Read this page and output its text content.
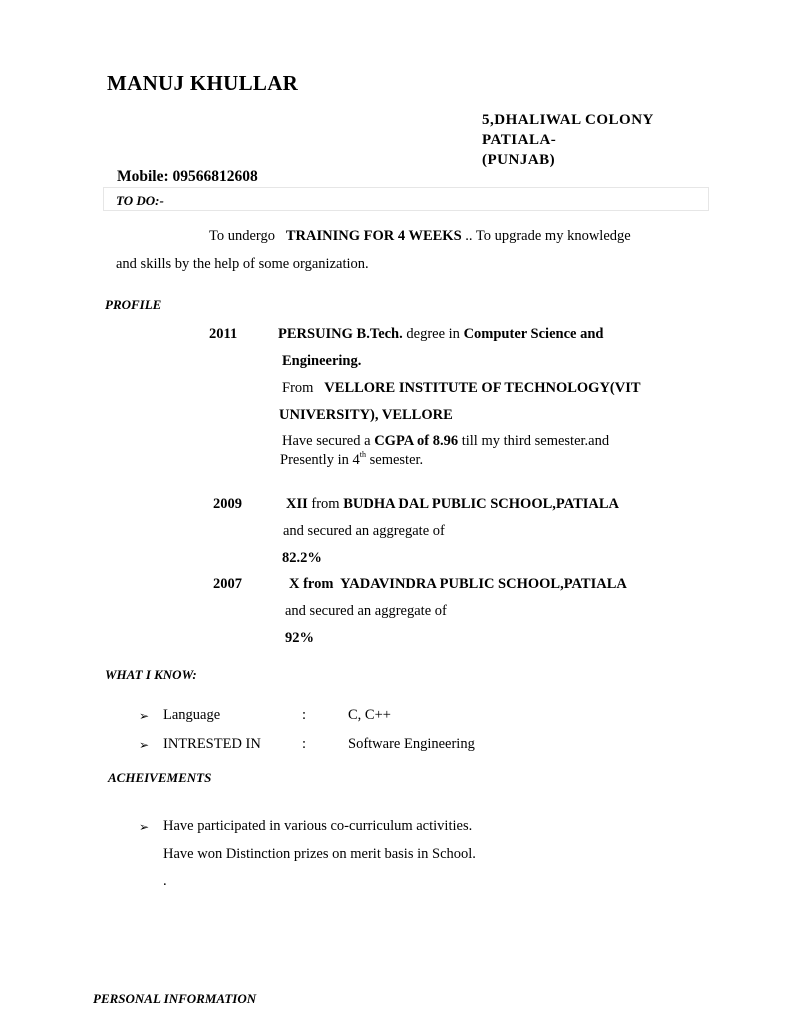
MANUJ KHULLAR
5,DHALIWAL COLONY
PATIALA-
(PUNJAB)
Mobile: 09566812608
TO DO:-
To undergo TRAINING FOR 4 WEEKS .. To upgrade my knowledge
and skills by the help of some organization.
PROFILE
2011	PERSUING B.Tech. degree in Computer Science and
Engineering.
From VELLORE INSTITUTE OF TECHNOLOGY(VIT
UNIVERSITY), VELLORE
Have secured a CGPA of 8.96 till my third semester.and
Presently in 4th semester.
2009	XII from BUDHA DAL PUBLIC SCHOOL,PATIALA
and secured an aggregate of
82.2%
2007	X from  YADAVINDRA PUBLIC SCHOOL,PATIALA
and secured an aggregate of
92%
WHAT I KNOW:
➢ Language	:	C, C++
➢ INTRESTED IN	:	Software Engineering
ACHEIVEMENTS
➢ Have participated in various co-curriculum activities.
Have won Distinction prizes on merit basis in School.
.
PERSONAL INFORMATION
